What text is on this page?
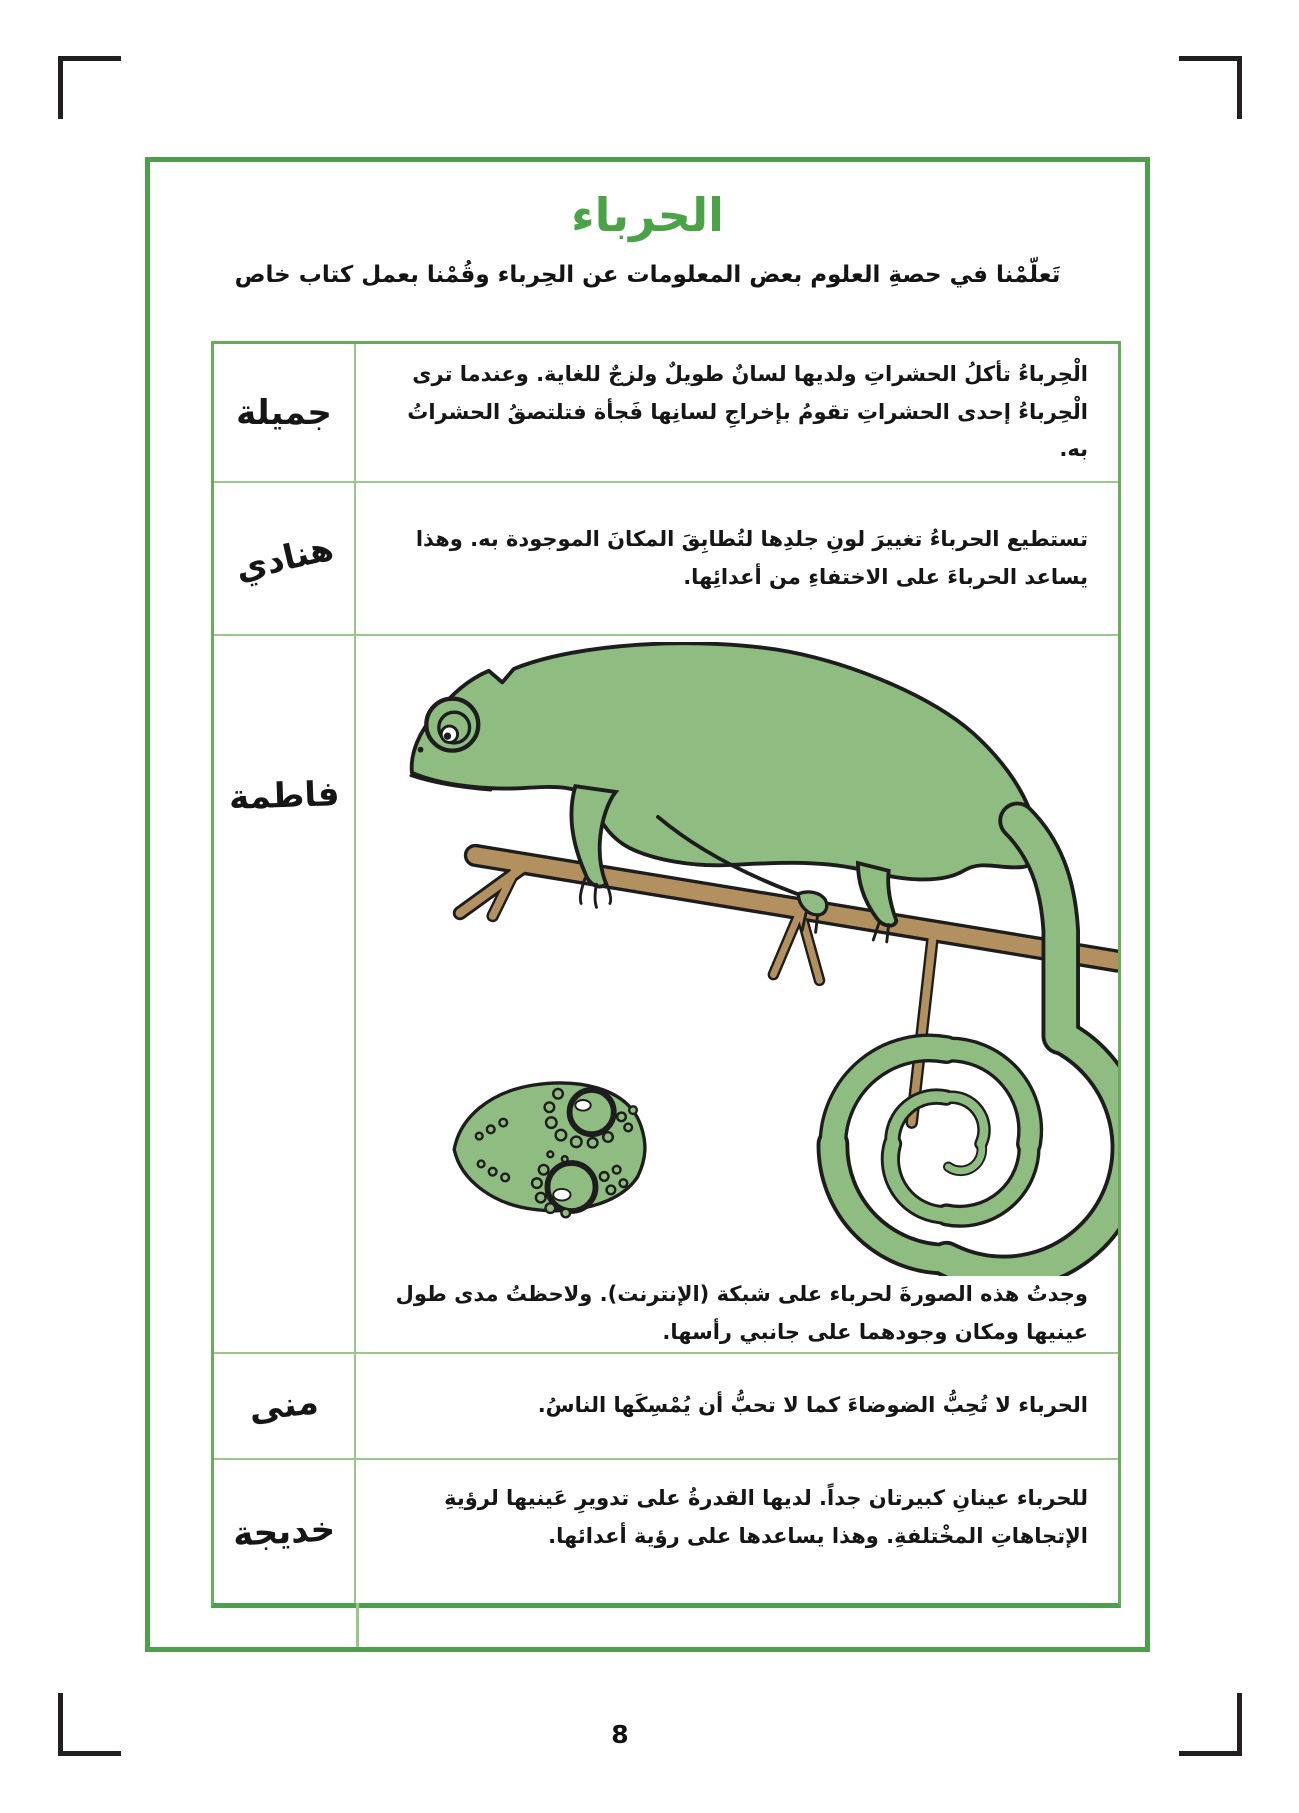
الحرباء
تَعلّمْنا في حصةِ العلوم بعض المعلومات عن الحِرباء وقُمْنا بعمل كتاب خاص
جميلة

الْحِرباءُ تأكلُ الحشراتِ ولديها لسانٌ طويلٌ ولزجٌ للغاية. وعندما ترى الْحِرباءُ إحدى الحشراتِ تقومُ بإخراجِ لسانِها فَجأة فتلتصقُ الحشراتُ به.

هنادي	تستطيع الحرباءُ تغييرَ لونِ جلدِها لتُطابِقَ المكانَ الموجودة به. وهذا يساعد الحرباءَ على الاختفاءِ من أعدائِها.

فاطمة

وجدتُ هذه الصورةَ لحرباء على شبكة (الإنترنت). ولاحظتُ مدى طول عينيها ومكان وجودهما على جانبي رأسها.

منى	الحرباء لا تُحِبُّ الضوضاءَ كما لا تحبُّ أن يُمْسِكَها الناسُ.

خديجة

للحرباء عينانِ كبيرتان جداً. لديها القدرةُ على تدويرِ عَينيها لرؤيةِ الإتجاهاتِ المخْتلفةِ. وهذا يساعدها على رؤية أعدائها.

8
